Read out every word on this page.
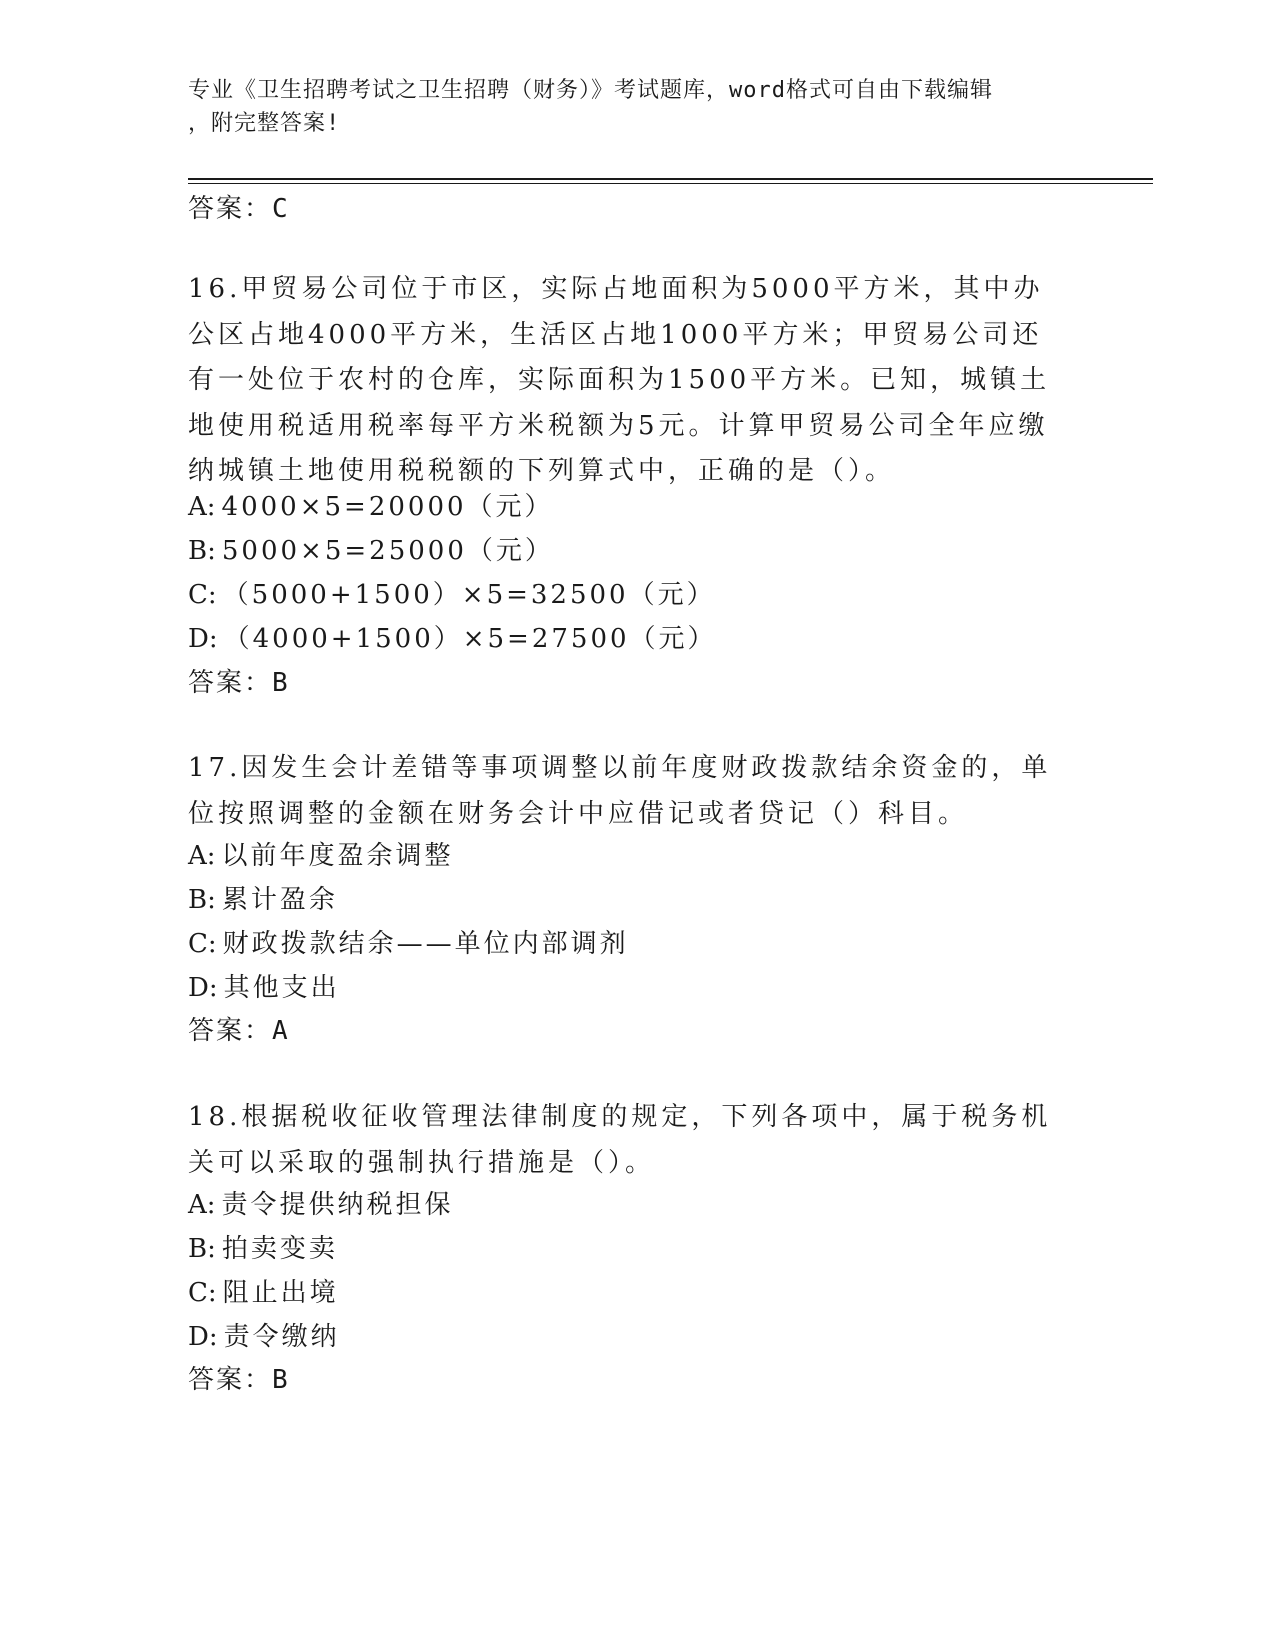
专业《卫生招聘考试之卫生招聘（财务）》考试题库，word格式可自由下载编辑
，附完整答案!
答案：C
16.甲贸易公司位于市区，实际占地面积为5000平方米，其中办公区占地4000平方米，生活区占地1000平方米；甲贸易公司还有一处位于农村的仓库，实际面积为1500平方米。已知，城镇土地使用税适用税率每平方米税额为5元。计算甲贸易公司全年应缴纳城镇土地使用税税额的下列算式中，正确的是（）。
A: 4000×5=20000（元）
B: 5000×5=25000（元）
C: （5000+1500）×5=32500（元）
D: （4000+1500）×5=27500（元）
答案：B
17.因发生会计差错等事项调整以前年度财政拨款结余资金的，单位按照调整的金额在财务会计中应借记或者贷记（）科目。
A: 以前年度盈余调整
B: 累计盈余
C: 财政拨款结余——单位内部调剂
D: 其他支出
答案：A
18.根据税收征收管理法律制度的规定，下列各项中，属于税务机关可以采取的强制执行措施是（）。
A: 责令提供纳税担保
B: 拍卖变卖
C: 阻止出境
D: 责令缴纳
答案：B
